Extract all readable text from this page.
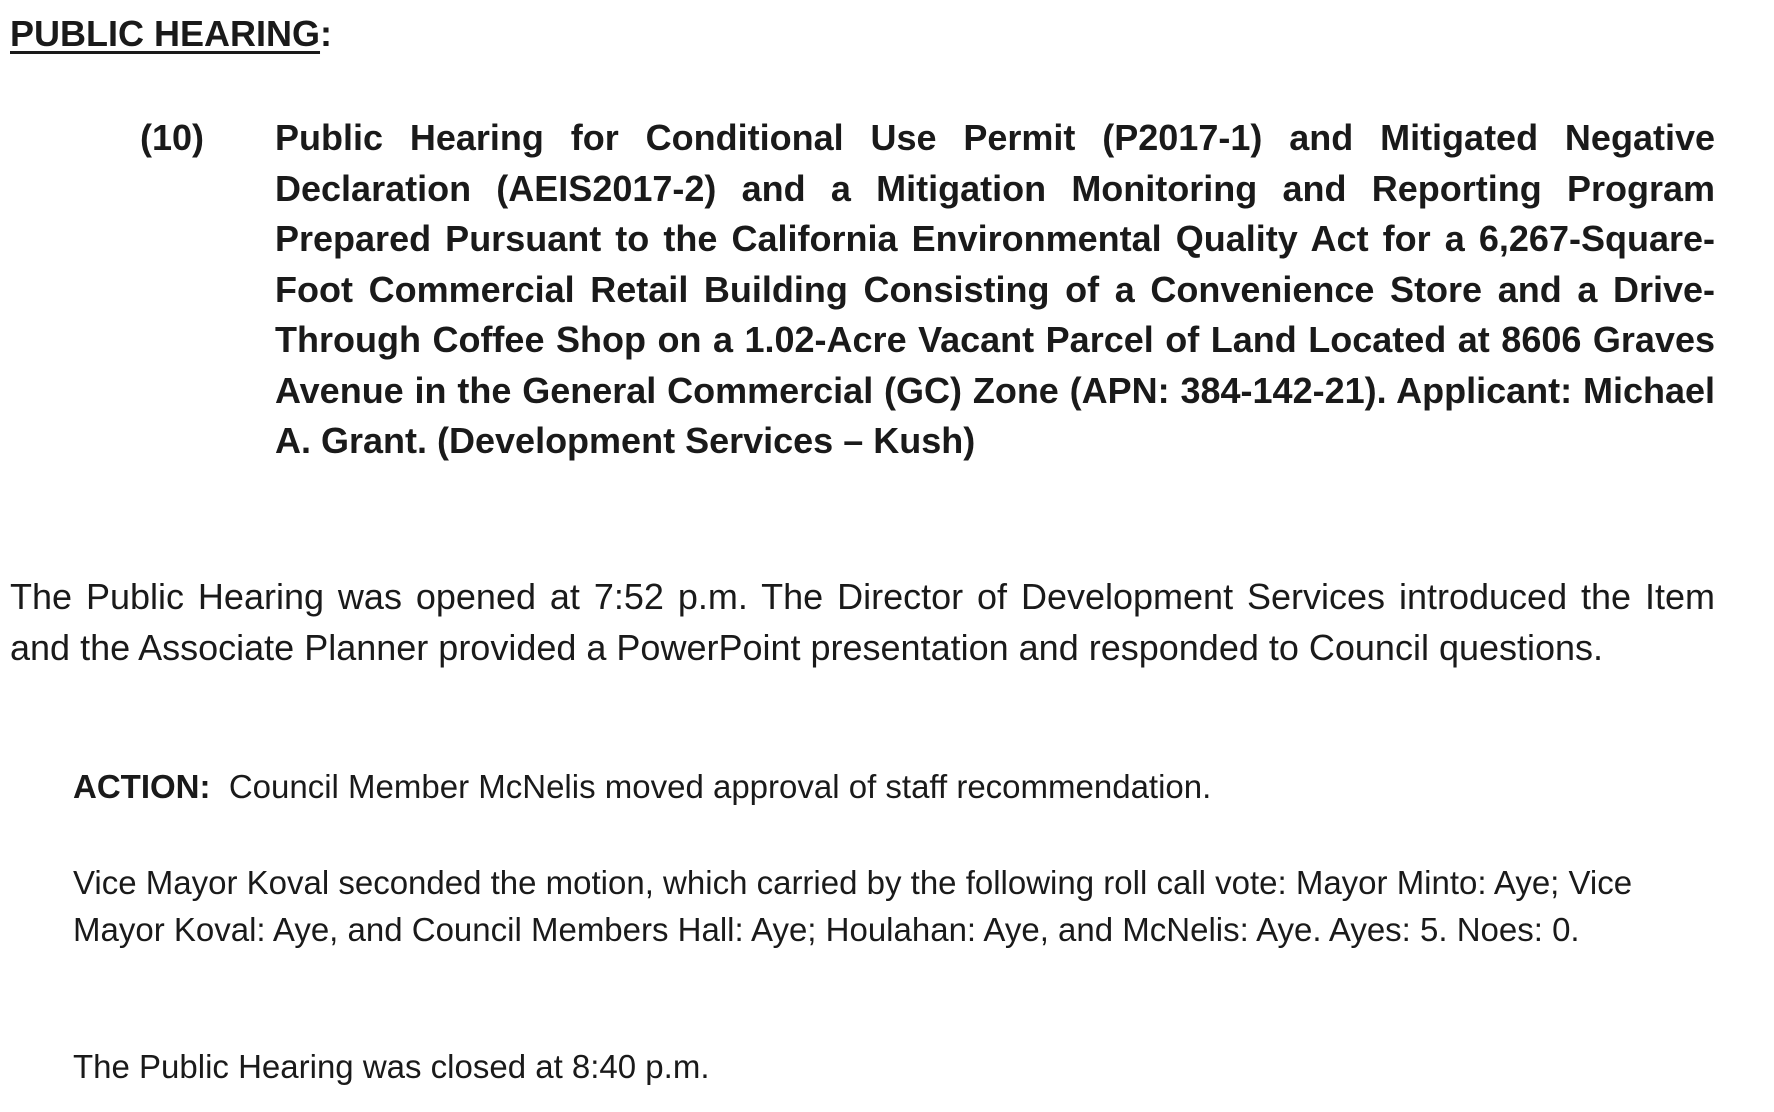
PUBLIC HEARING:
(10)	Public Hearing for Conditional Use Permit (P2017-1) and Mitigated Negative Declaration (AEIS2017-2) and a Mitigation Monitoring and Reporting Program Prepared Pursuant to the California Environmental Quality Act for a 6,267-Square-Foot Commercial Retail Building Consisting of a Convenience Store and a Drive-Through Coffee Shop on a 1.02-Acre Vacant Parcel of Land Located at 8606 Graves Avenue in the General Commercial (GC) Zone (APN: 384-142-21). Applicant: Michael A. Grant. (Development Services – Kush)

The Public Hearing was opened at 7:52 p.m. The Director of Development Services introduced the Item and the Associate Planner provided a PowerPoint presentation and responded to Council questions.

ACTION: Council Member McNelis moved approval of staff recommendation.

Vice Mayor Koval seconded the motion, which carried by the following roll call vote: Mayor Minto: Aye; Vice Mayor Koval: Aye, and Council Members Hall: Aye; Houlahan: Aye, and McNelis: Aye. Ayes: 5. Noes: 0.

The Public Hearing was closed at 8:40 p.m.
